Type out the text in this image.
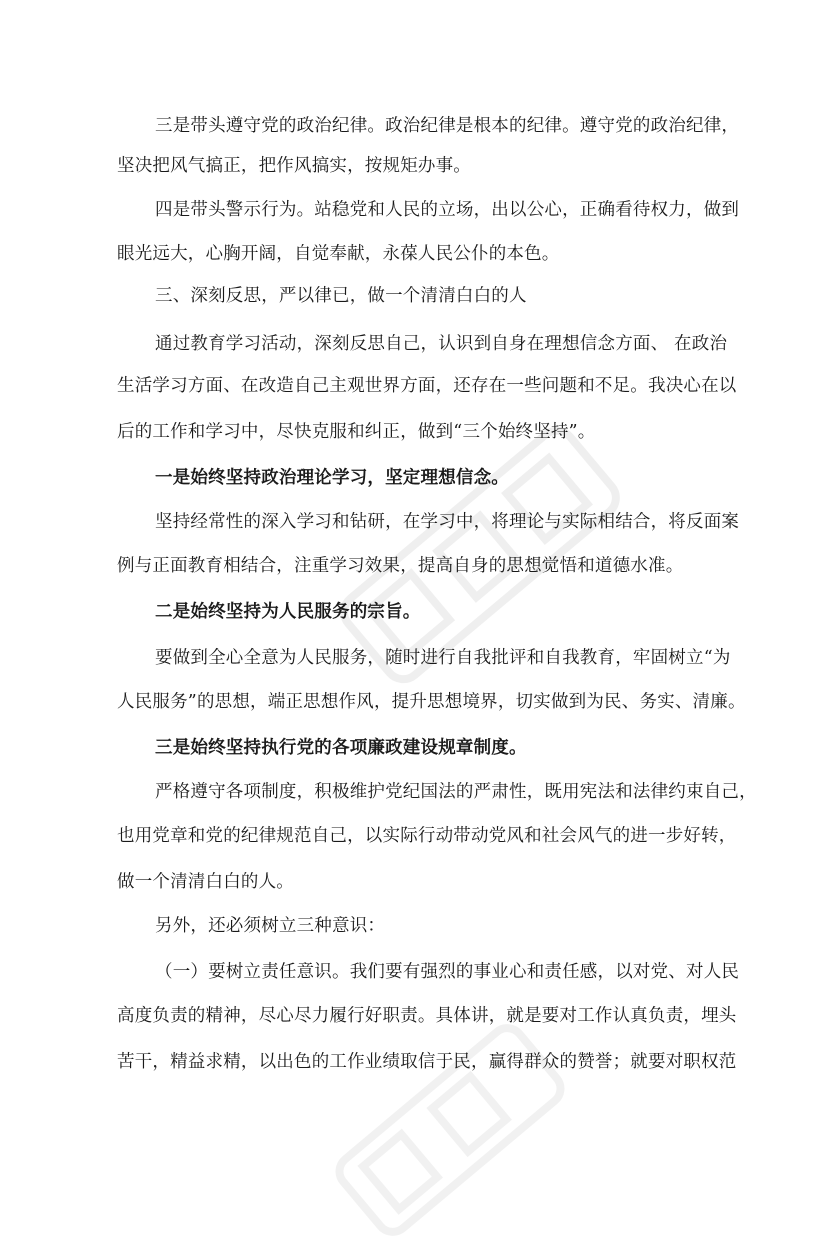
三是带头遵守党的政治纪律。政治纪律是根本的纪律。遵守党的政治纪律，
坚决把风气搞正，把作风搞实，按规矩办事。
四是带头警示行为。站稳党和人民的立场，出以公心，正确看待权力，做到
眼光远大，心胸开阔，自觉奉献，永葆人民公仆的本色。
三、深刻反思，严以律已，做一个清清白白的人
通过教育学习活动，深刻反思自己，认识到自身在理想信念方面、 在政治
生活学习方面、在改造自己主观世界方面，还存在一些问题和不足。我决心在以
后的工作和学习中，尽快克服和纠正，做到“三个始终坚持”。
一是始终坚持政治理论学习，坚定理想信念。
坚持经常性的深入学习和钻研，在学习中，将理论与实际相结合，将反面案
例与正面教育相结合，注重学习效果，提高自身的思想觉悟和道德水准。
二是始终坚持为人民服务的宗旨。
要做到全心全意为人民服务，随时进行自我批评和自我教育，牢固树立“为
人民服务”的思想，端正思想作风，提升思想境界，切实做到为民、务实、清廉。
三是始终坚持执行党的各项廉政建设规章制度。
严格遵守各项制度，积极维护党纪国法的严肃性，既用宪法和法律约束自己，
也用党章和党的纪律规范自己，以实际行动带动党风和社会风气的进一步好转，
做一个清清白白的人。
另外，还必须树立三种意识：
（一）要树立责任意识。我们要有强烈的事业心和责任感，以对党、对人民
高度负责的精神，尽心尽力履行好职责。具体讲，就是要对工作认真负责，埋头
苦干，精益求精，以出色的工作业绩取信于民，赢得群众的赞誉；就要对职权范
